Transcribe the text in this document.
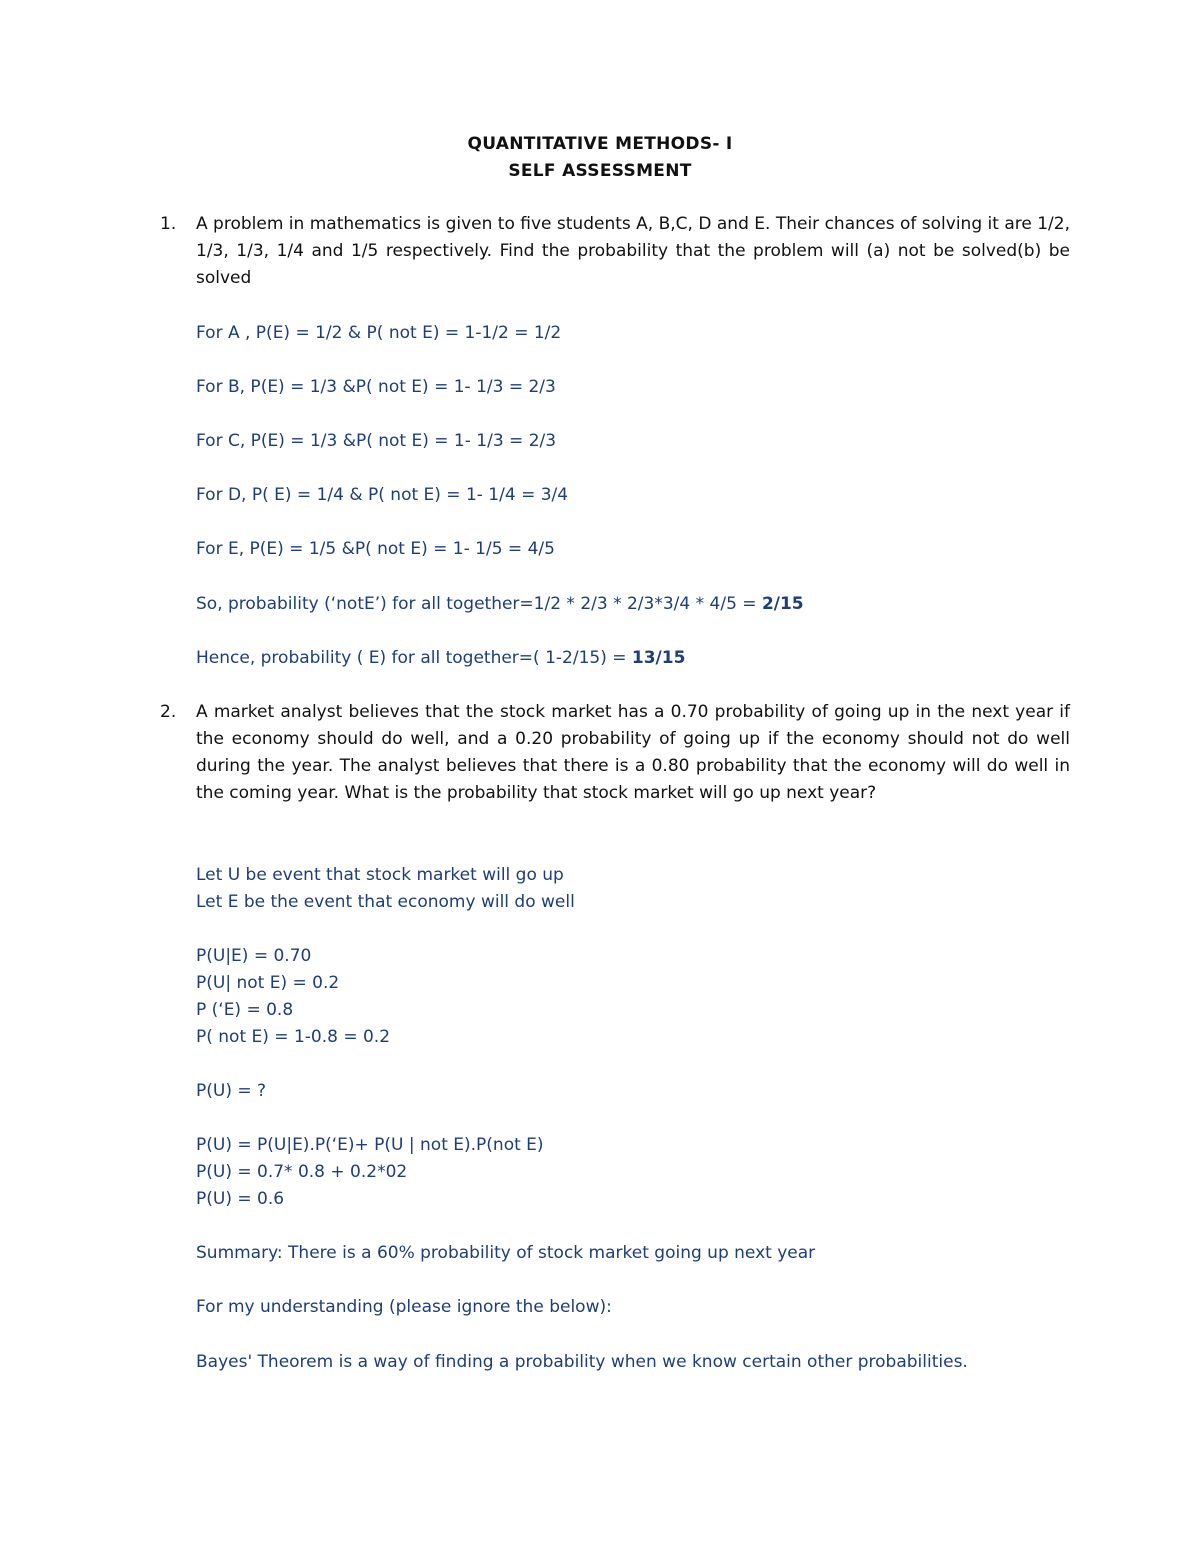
QUANTITATIVE METHODS- I
SELF ASSESSMENT
1. A problem in mathematics is given to five students A, B,C, D and E. Their chances of solving it are 1/2, 1/3, 1/3, 1/4 and 1/5 respectively. Find the probability that the problem will (a) not be solved(b) be solved
For A , P(E) = 1/2 & P( not E) = 1-1/2 = 1/2
For B, P(E) = 1/3 &P( not E) = 1- 1/3 = 2/3
For C, P(E) = 1/3 &P( not E) = 1- 1/3 = 2/3
For D, P( E) = 1/4 & P( not E) = 1- 1/4 = 3/4
For E, P(E) = 1/5 &P( not E) = 1- 1/5 = 4/5
So, probability (‘notE’) for all together=1/2 * 2/3 * 2/3*3/4 * 4/5 = 2/15
Hence, probability ( E) for all together=( 1-2/15) = 13/15
2. A market analyst believes that the stock market has a 0.70 probability of going up in the next year if the economy should do well, and a 0.20 probability of going up if the economy should not do well during the year. The analyst believes that there is a 0.80 probability that the economy will do well in the coming year. What is the probability that stock market will go up next year?
Let U be event that stock market will go up
Let E be the event that economy will do well
P(U|E) = 0.70
P(U| not E) = 0.2
P (‘E) = 0.8
P( not E) = 1-0.8 = 0.2
P(U) = ?
P(U) = P(U|E).P(‘E)+ P(U | not E).P(not E)
P(U) = 0.7* 0.8 + 0.2*02
P(U) = 0.6
Summary: There is a 60% probability of stock market going up next year
For my understanding (please ignore the below):
Bayes' Theorem is a way of finding a probability when we know certain other probabilities.
